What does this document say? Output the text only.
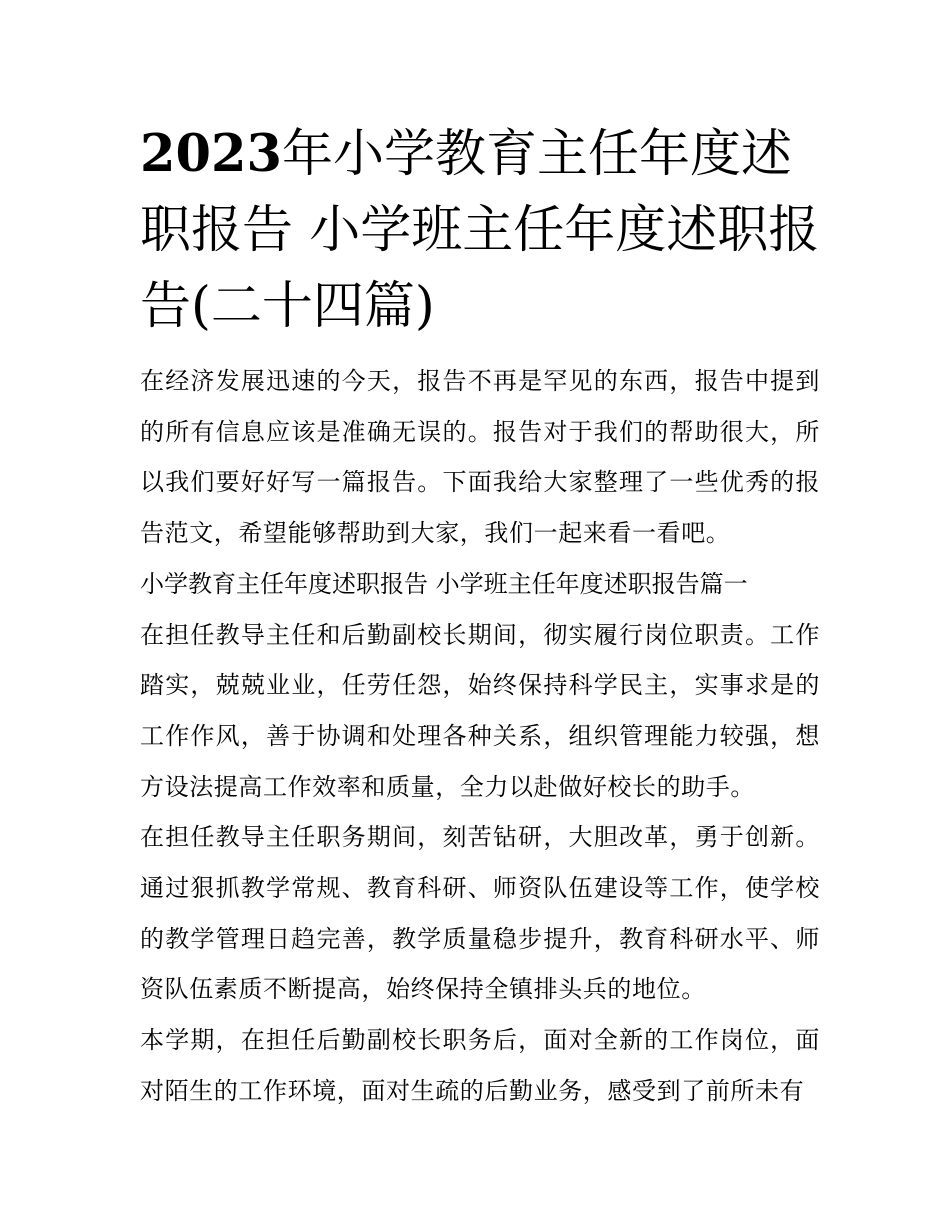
2023年小学教育主任年度述职报告 小学班主任年度述职报告(二十四篇)

在经济发展迅速的今天，报告不再是罕见的东西，报告中提到的所有信息应该是准确无误的。报告对于我们的帮助很大，所以我们要好好写一篇报告。下面我给大家整理了一些优秀的报告范文，希望能够帮助到大家，我们一起来看一看吧。

小学教育主任年度述职报告 小学班主任年度述职报告篇一

在担任教导主任和后勤副校长期间，彻实履行岗位职责。工作踏实，兢兢业业，任劳任怨，始终保持科学民主，实事求是的工作作风，善于协调和处理各种关系，组织管理能力较强，想方设法提高工作效率和质量，全力以赴做好校长的助手。

在担任教导主任职务期间，刻苦钻研，大胆改革，勇于创新。通过狠抓教学常规、教育科研、师资队伍建设等工作，使学校的教学管理日趋完善，教学质量稳步提升，教育科研水平、师资队伍素质不断提高，始终保持全镇排头兵的地位。

本学期，在担任后勤副校长职务后，面对全新的工作岗位，面对陌生的工作环境，面对生疏的后勤业务，感受到了前所未有
